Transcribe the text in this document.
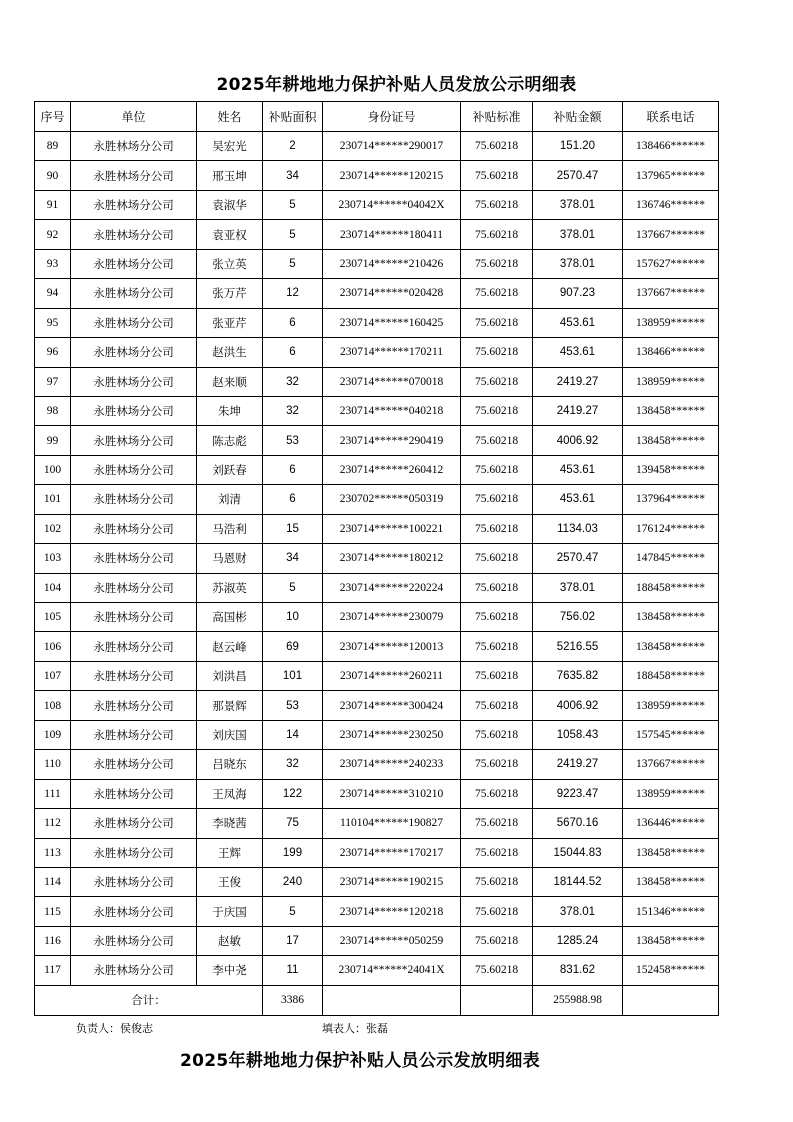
2025年耕地地力保护补贴人员发放公示明细表
序号	单位	姓名	补贴面积	身份证号	补贴标准	补贴金额	联系电话
89	永胜林场分公司	吴宏光	2	230714******290017	75.60218	151.20	138466******
90	永胜林场分公司	邢玉坤	34	230714******120215	75.60218	2570.47	137965******
91	永胜林场分公司	袁淑华	5	230714******04042X	75.60218	378.01	136746******
92	永胜林场分公司	袁亚权	5	230714******180411	75.60218	378.01	137667******
93	永胜林场分公司	张立英	5	230714******210426	75.60218	378.01	157627******
94	永胜林场分公司	张万芹	12	230714******020428	75.60218	907.23	137667******
95	永胜林场分公司	张亚芹	6	230714******160425	75.60218	453.61	138959******
96	永胜林场分公司	赵洪生	6	230714******170211	75.60218	453.61	138466******
97	永胜林场分公司	赵来顺	32	230714******070018	75.60218	2419.27	138959******
98	永胜林场分公司	朱坤	32	230714******040218	75.60218	2419.27	138458******
99	永胜林场分公司	陈志彪	53	230714******290419	75.60218	4006.92	138458******
100	永胜林场分公司	刘跃春	6	230714******260412	75.60218	453.61	139458******
101	永胜林场分公司	刘清	6	230702******050319	75.60218	453.61	137964******
102	永胜林场分公司	马浩利	15	230714******100221	75.60218	1134.03	176124******
103	永胜林场分公司	马恩财	34	230714******180212	75.60218	2570.47	147845******
104	永胜林场分公司	苏淑英	5	230714******220224	75.60218	378.01	188458******
105	永胜林场分公司	高国彬	10	230714******230079	75.60218	756.02	138458******
106	永胜林场分公司	赵云峰	69	230714******120013	75.60218	5216.55	138458******
107	永胜林场分公司	刘洪昌	101	230714******260211	75.60218	7635.82	188458******
108	永胜林场分公司	那景辉	53	230714******300424	75.60218	4006.92	138959******
109	永胜林场分公司	刘庆国	14	230714******230250	75.60218	1058.43	157545******
110	永胜林场分公司	吕晓东	32	230714******240233	75.60218	2419.27	137667******
111	永胜林场分公司	王凤海	122	230714******310210	75.60218	9223.47	138959******
112	永胜林场分公司	李晓茜	75	110104******190827	75.60218	5670.16	136446******
113	永胜林场分公司	王辉	199	230714******170217	75.60218	15044.83	138458******
114	永胜林场分公司	王俊	240	230714******190215	75.60218	18144.52	138458******
115	永胜林场分公司	于庆国	5	230714******120218	75.60218	378.01	151346******
116	永胜林场分公司	赵敏	17	230714******050259	75.60218	1285.24	138458******
117	永胜林场分公司	李中尧	11	230714******24041X	75.60218	831.62	152458******
合计：			3386			255988.98	
负责人：侯俊志	填表人：张磊
2025年耕地地力保护补贴人员公示发放明细表
